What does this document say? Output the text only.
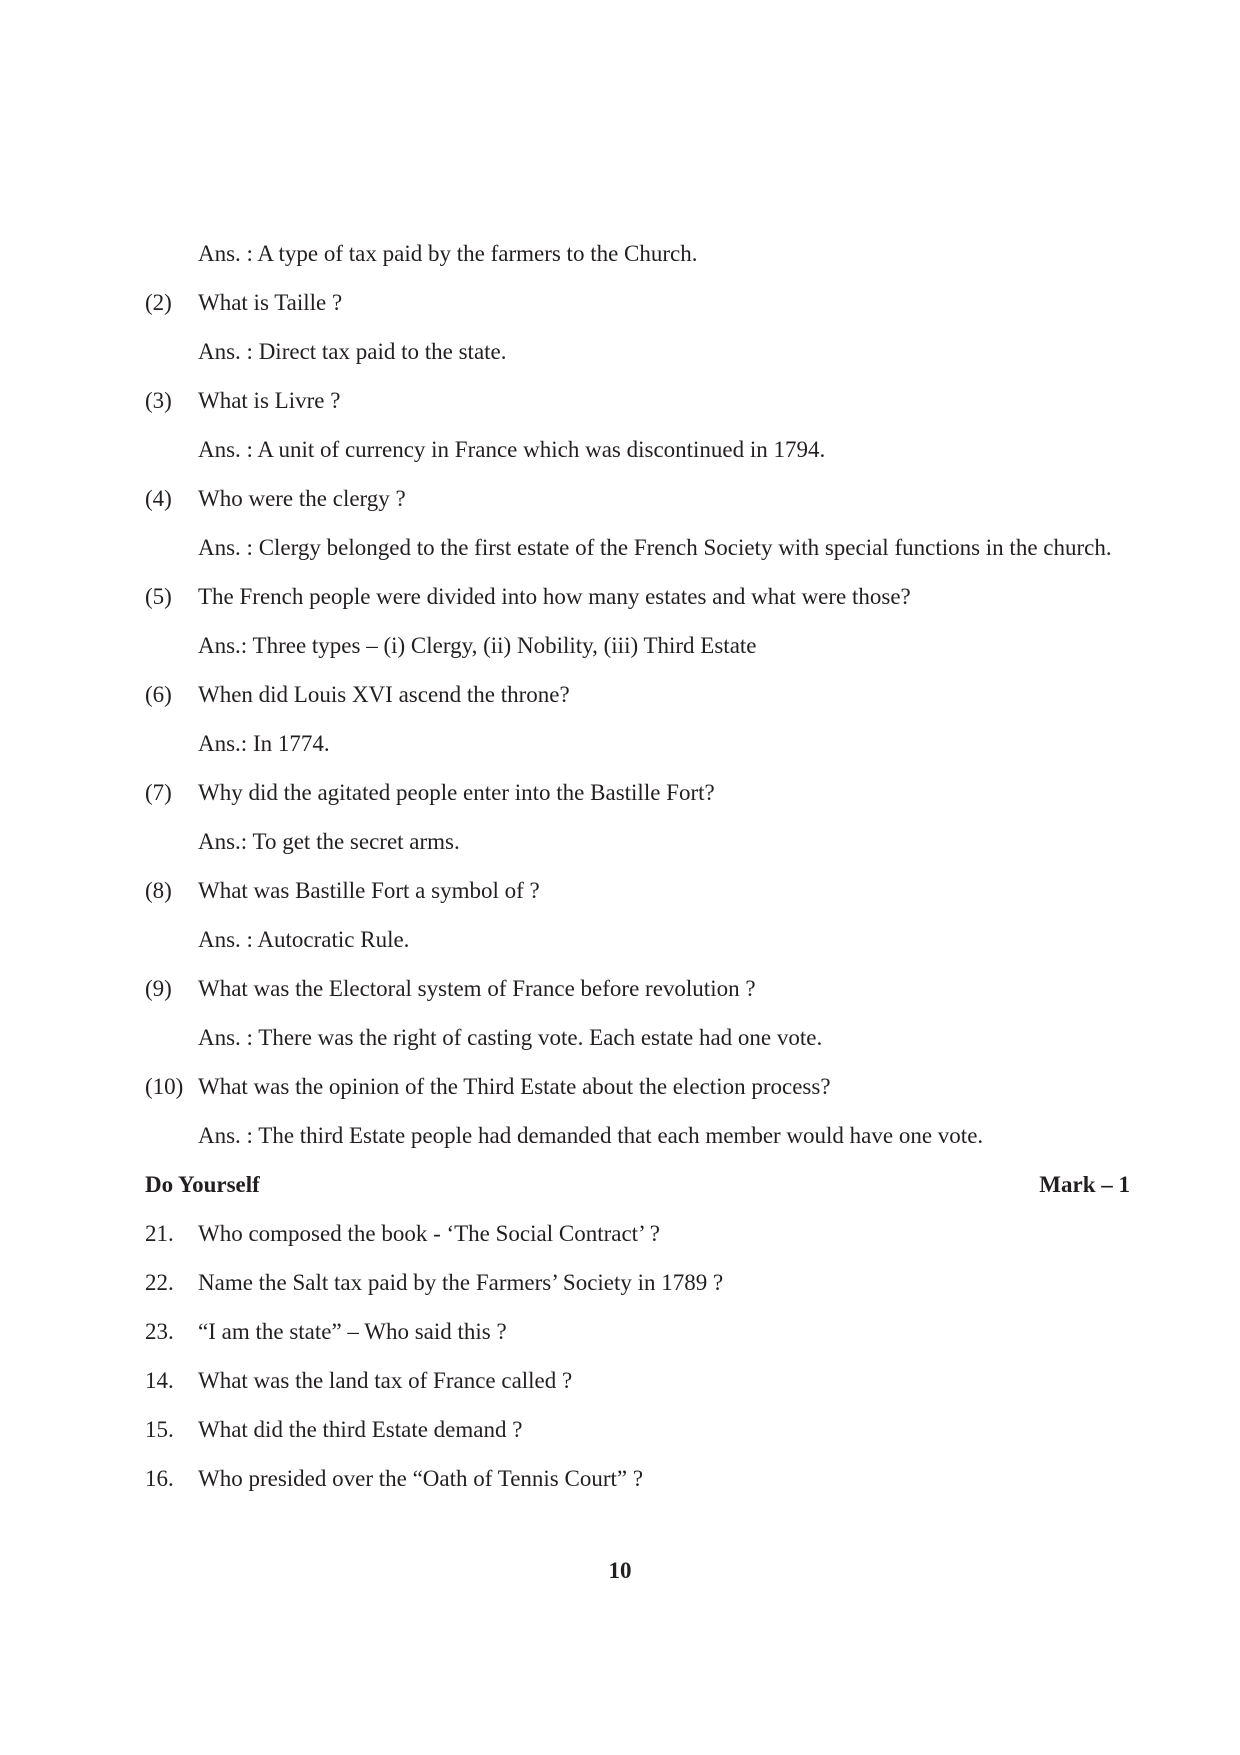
Ans. : A type of tax paid by the farmers to the Church.

(2)	What is Taille ?

Ans. : Direct tax paid to the state.

(3)	What is Livre ?

Ans. : A unit of currency in France which was discontinued in 1794.

(4)	Who were the clergy ?

Ans. : Clergy belonged to the first estate of the French Society with special functions in the church.

(5)	The French people were divided into how many estates and what were those?

Ans.: Three types – (i) Clergy, (ii) Nobility, (iii) Third Estate

(6)	When did Louis XVI ascend the throne?

Ans.: In 1774.

(7)	Why did the agitated people enter into the Bastille Fort?

Ans.: To get the secret arms.

(8)	What was Bastille Fort a symbol of ?

Ans. : Autocratic Rule.

(9)	What was the Electoral system of France before revolution ?

Ans. : There was the right of casting vote. Each estate had one vote.

(10) What was the opinion of the Third Estate about the election process?

Ans. : The third Estate people had demanded that each member would have one vote.

Do Yourself	Mark – 1
21.	Who composed the book - ‘The Social Contract’ ?
22.	Name the Salt tax paid by the Farmers’ Society in 1789 ?
23.	“I am the state” – Who said this ?
14.	What was the land tax of France called ?
15.	What did the third Estate demand ?
16.	Who presided over the “Oath of Tennis Court” ?
10
